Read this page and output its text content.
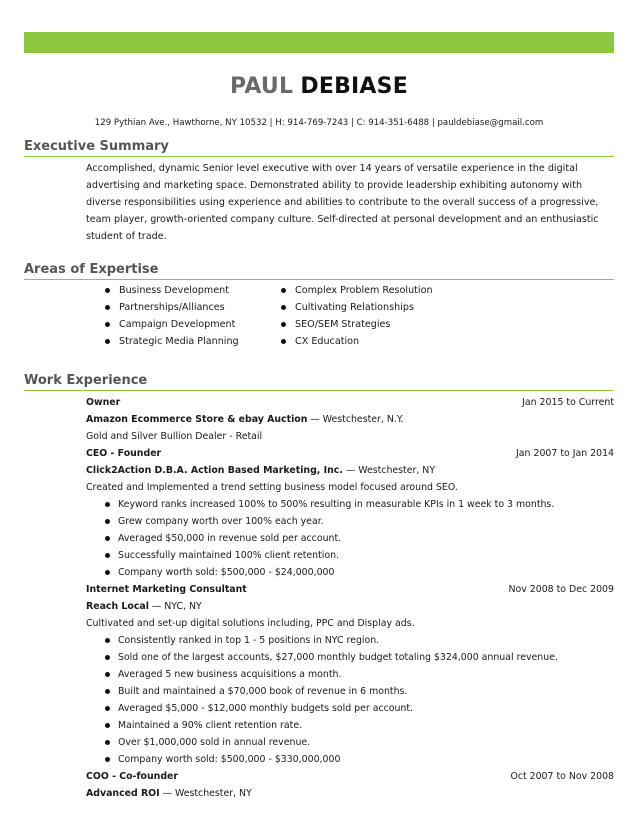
PAUL DEBIASE
129 Pythian Ave., Hawthorne, NY 10532 | H: 914-769-7243 | C: 914-351-6488 | pauldebiase@gmail.com
Executive Summary
Accomplished, dynamic Senior level executive with over 14 years of versatile experience in the digital
advertising and marketing space. Demonstrated ability to provide leadership exhibiting autonomy with
diverse responsibilities using experience and abilities to contribute to the overall success of a progressive,
team player, growth-oriented company culture. Self-directed at personal development and an enthusiastic
student of trade.
Areas of Expertise
Business Development
Partnerships/Alliances
Campaign Development
Strategic Media Planning
Complex Problem Resolution
Cultivating Relationships
SEO/SEM Strategies
CX Education
Work Experience
Owner	Jan 2015 to Current
Amazon Ecommerce Store & ebay Auction — Westchester, N.Y.
Gold and Silver Bullion Dealer - Retail
CEO - Founder	Jan 2007 to Jan 2014
Click2Action D.B.A. Action Based Marketing, Inc. — Westchester, NY
Created and Implemented a trend setting business model focused around SEO.
Keyword ranks increased 100% to 500% resulting in measurable KPIs in 1 week to 3 months.
Grew company worth over 100% each year.
Averaged $50,000 in revenue sold per account.
Successfully maintained 100% client retention.
Company worth sold: $500,000 - $24,000,000
Internet Marketing Consultant	Nov 2008 to Dec 2009
Reach Local — NYC, NY
Cultivated and set-up digital solutions including, PPC and Display ads.
Consistently ranked in top 1 - 5 positions in NYC region.
Sold one of the largest accounts, $27,000 monthly budget totaling $324,000 annual revenue.
Averaged 5 new business acquisitions a month.
Built and maintained a $70,000 book of revenue in 6 months.
Averaged $5,000 - $12,000 monthly budgets sold per account.
Maintained a 90% client retention rate.
Over $1,000,000 sold in annual revenue.
Company worth sold: $500,000 - $330,000,000
COO - Co-founder	Oct 2007 to Nov 2008
Advanced ROI — Westchester, NY
